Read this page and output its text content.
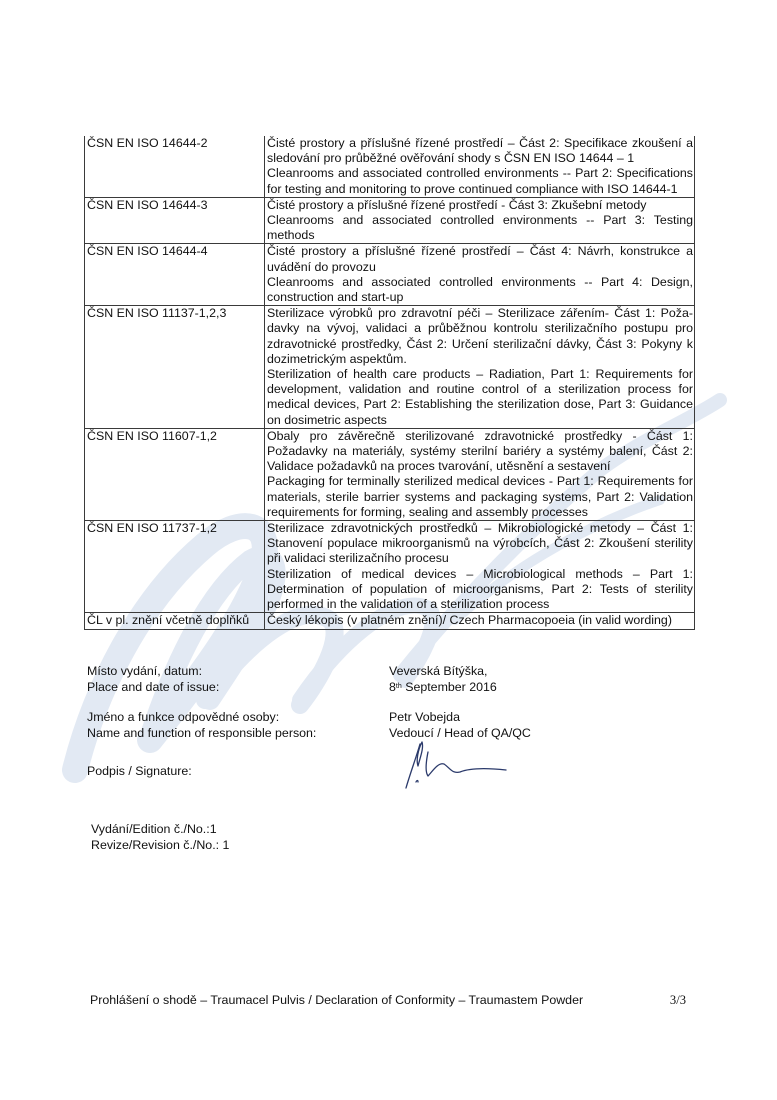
ČSN EN ISO 14644-2	Čisté prostory a příslušné řízené prostředí – Část 2: Specifikace zkoušení a sledování pro průběžné ověřování shody s ČSN EN ISO 14644 – 1
Cleanrooms and associated controlled environments -- Part 2: Specifications for testing and monitoring to prove continued compliance with ISO 14644-1

ČSN EN ISO 14644-3	Čisté prostory a příslušné řízené prostředí - Část 3: Zkušební metody
Cleanrooms and associated controlled environments -- Part 3: Testing methods

ČSN EN ISO 14644-4	Čisté prostory a příslušné řízené prostředí – Část 4: Návrh, konstrukce a uvádění do provozu
Cleanrooms and associated controlled environments -- Part 4: Design, construction and start-up

ČSN EN ISO 11137-1,2,3	Sterilizace výrobků pro zdravotní péči – Sterilizace zářením- Část 1: Požadavky na vývoj, validaci a průběžnou kontrolu sterilizačního postupu pro zdravotnické prostředky, Část 2: Určení sterilizační dávky, Část 3: Pokyny k dozimetrickým aspektům.
Sterilization of health care products – Radiation, Part 1: Requirements for development, validation and routine control of a sterilization process for medical devices, Part 2: Establishing the sterilization dose, Part 3: Guidance on dosimetric aspects

ČSN EN ISO 11607-1,2	Obaly pro závěrečně sterilizované zdravotnické prostředky - Část 1: Požadavky na materiály, systémy sterilní bariéry a systémy balení, Část 2: Validace požadavků na proces tvarování, utěsnění a sestavení
Packaging for terminally sterilized medical devices - Part 1: Requirements for materials, sterile barrier systems and packaging systems, Part 2: Validation requirements for forming, sealing and assembly processes

ČSN EN ISO 11737-1,2	Sterilizace zdravotnických prostředků – Mikrobiologické metody – Část 1: Stanovení populace mikroorganismů na výrobcích, Část 2: Zkoušení sterility při validaci sterilizačního procesu
Sterilization of medical devices – Microbiological methods – Part 1: Determination of population of microorganisms, Part 2: Tests of sterility performed in the validation of a sterilization process

ČL v pl. znění včetně doplňků	Český lékopis (v platném znění)/ Czech Pharmacopoeia (in valid wording)
Místo vydání, datum:
Place and date of issue:
Veverská Bítýška,
8th September 2016
Jméno a funkce odpovědné osoby:
Name and function of responsible person:
Petr Vobejda
Vedoucí / Head of QA/QC
Podpis / Signature:
Vydání/Edition č./No.:1
Revize/Revision č./No.: 1
Prohlášení o shodě – Traumacel Pulvis / Declaration of Conformity – Traumastem Powder	3/3
